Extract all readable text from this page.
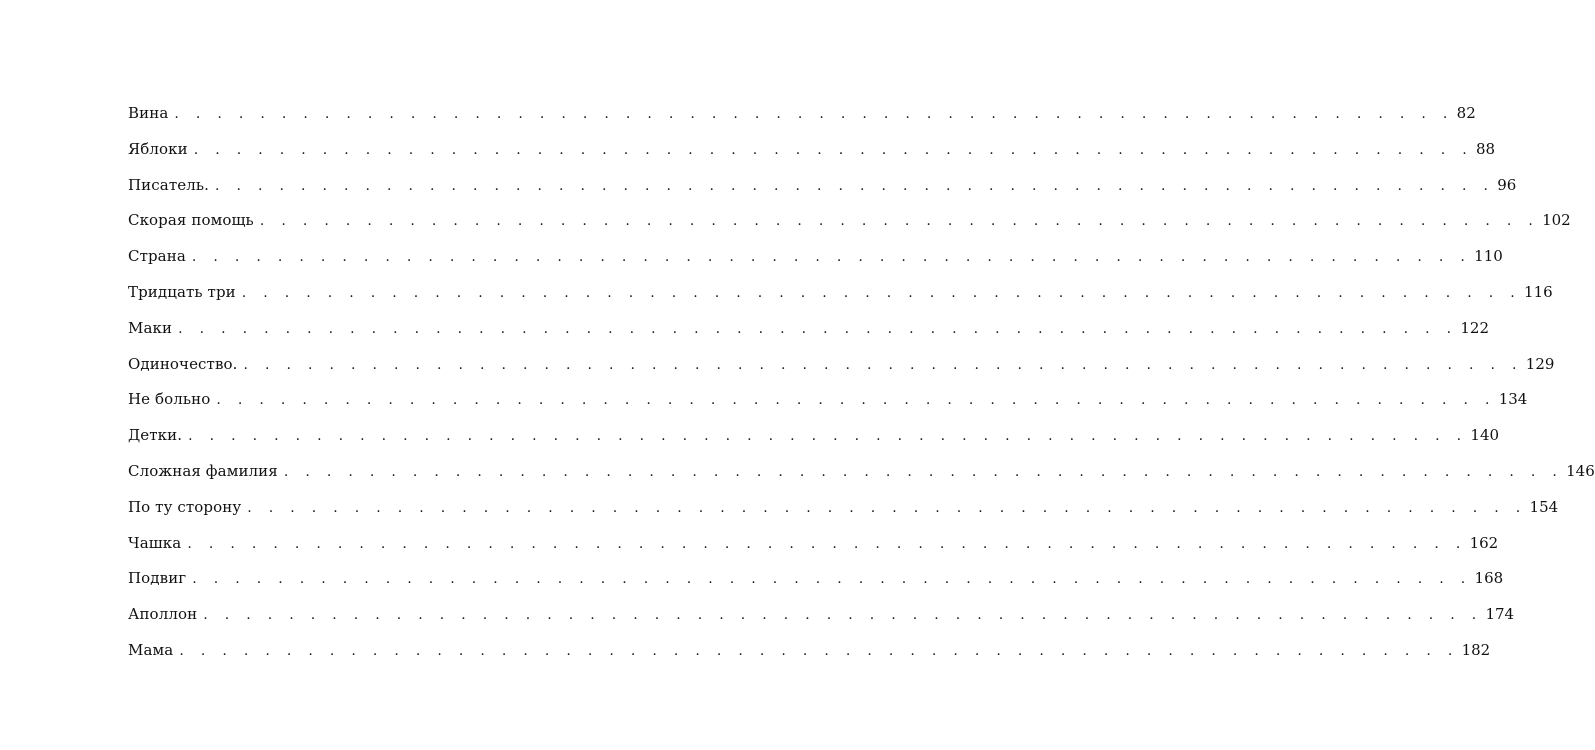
Вина . . . . . . . . . . . . . . . . . . . . . . . . . . . . . . . . . . . . . . . . . . . . . . . . . . . . . . . . . . . . 82
Яблоки . . . . . . . . . . . . . . . . . . . . . . . . . . . . . . . . . . . . . . . . . . . . . . . . . . . . . . . . . . . . 88
Писатель. . . . . . . . . . . . . . . . . . . . . . . . . . . . . . . . . . . . . . . . . . . . . . . . . . . . . . . . . . . . . 96
Скорая помощь . . . . . . . . . . . . . . . . . . . . . . . . . . . . . . . . . . . . . . . . . . . . . . . . . . . . . . . . . . . . 102
Страна . . . . . . . . . . . . . . . . . . . . . . . . . . . . . . . . . . . . . . . . . . . . . . . . . . . . . . . . . . . . 110
Тридцать три . . . . . . . . . . . . . . . . . . . . . . . . . . . . . . . . . . . . . . . . . . . . . . . . . . . . . . . . . . . . 116
Маки . . . . . . . . . . . . . . . . . . . . . . . . . . . . . . . . . . . . . . . . . . . . . . . . . . . . . . . . . . . . 122
Одиночество. . . . . . . . . . . . . . . . . . . . . . . . . . . . . . . . . . . . . . . . . . . . . . . . . . . . . . . . . . . . . 129
Не больно . . . . . . . . . . . . . . . . . . . . . . . . . . . . . . . . . . . . . . . . . . . . . . . . . . . . . . . . . . . . 134
Детки. . . . . . . . . . . . . . . . . . . . . . . . . . . . . . . . . . . . . . . . . . . . . . . . . . . . . . . . . . . . . 140
Сложная фамилия . . . . . . . . . . . . . . . . . . . . . . . . . . . . . . . . . . . . . . . . . . . . . . . . . . . . . . . . . . . . 146
По ту сторону . . . . . . . . . . . . . . . . . . . . . . . . . . . . . . . . . . . . . . . . . . . . . . . . . . . . . . . . . . . . 154
Чашка . . . . . . . . . . . . . . . . . . . . . . . . . . . . . . . . . . . . . . . . . . . . . . . . . . . . . . . . . . . . 162
Подвиг . . . . . . . . . . . . . . . . . . . . . . . . . . . . . . . . . . . . . . . . . . . . . . . . . . . . . . . . . . . . 168
Аполлон . . . . . . . . . . . . . . . . . . . . . . . . . . . . . . . . . . . . . . . . . . . . . . . . . . . . . . . . . . . . 174
Мама . . . . . . . . . . . . . . . . . . . . . . . . . . . . . . . . . . . . . . . . . . . . . . . . . . . . . . . . . . . . 182
